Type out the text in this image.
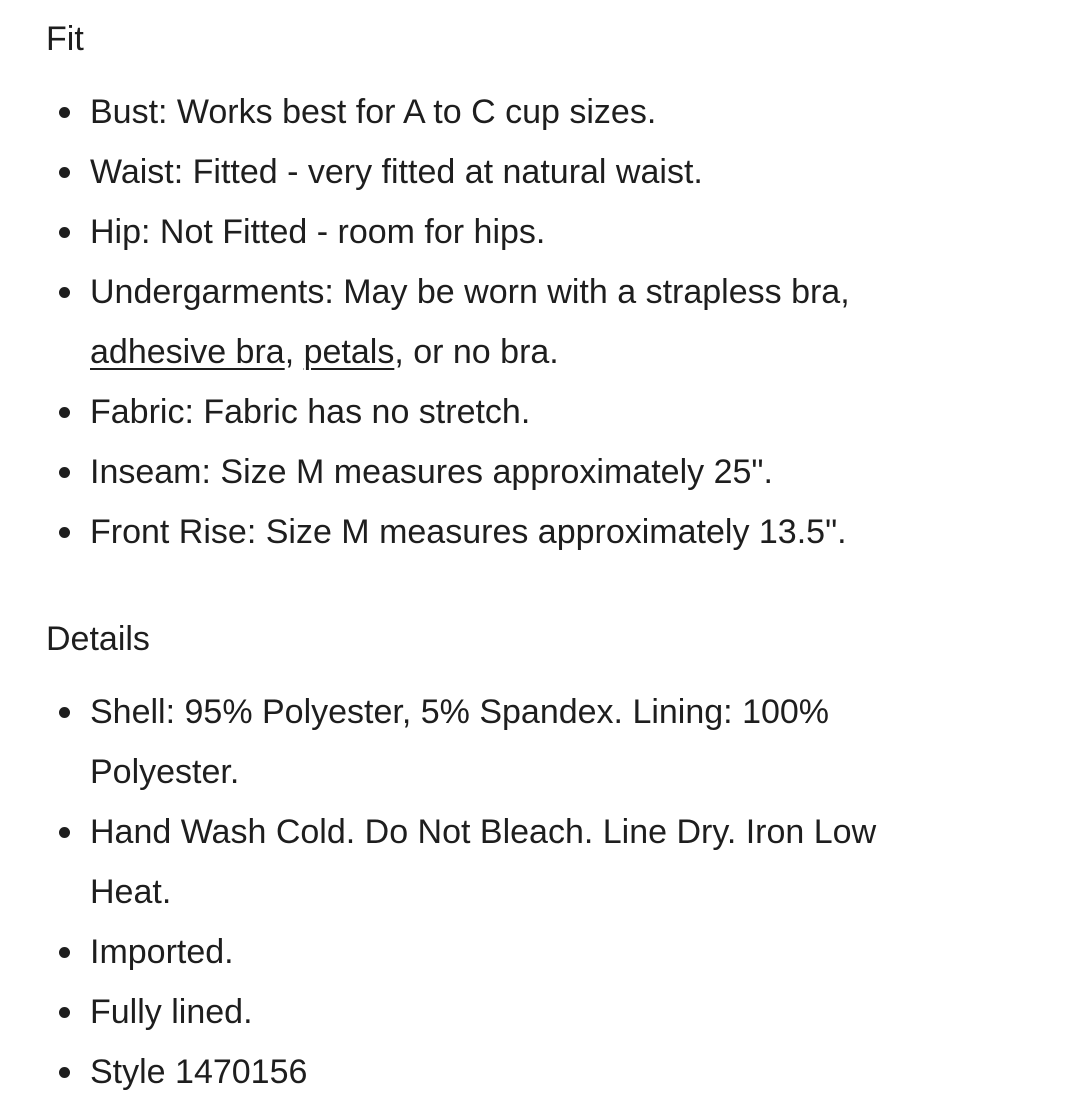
Fit
Bust: Works best for A to C cup sizes.
Waist: Fitted - very fitted at natural waist.
Hip: Not Fitted - room for hips.
Undergarments: May be worn with a strapless bra,
adhesive bra, petals, or no bra.
Fabric: Fabric has no stretch.
Inseam: Size M measures approximately 25".
Front Rise: Size M measures approximately 13.5".
Details
Shell: 95% Polyester, 5% Spandex. Lining: 100% Polyester.
Hand Wash Cold. Do Not Bleach. Line Dry. Iron Low Heat.
Imported.
Fully lined.
Style 1470156
